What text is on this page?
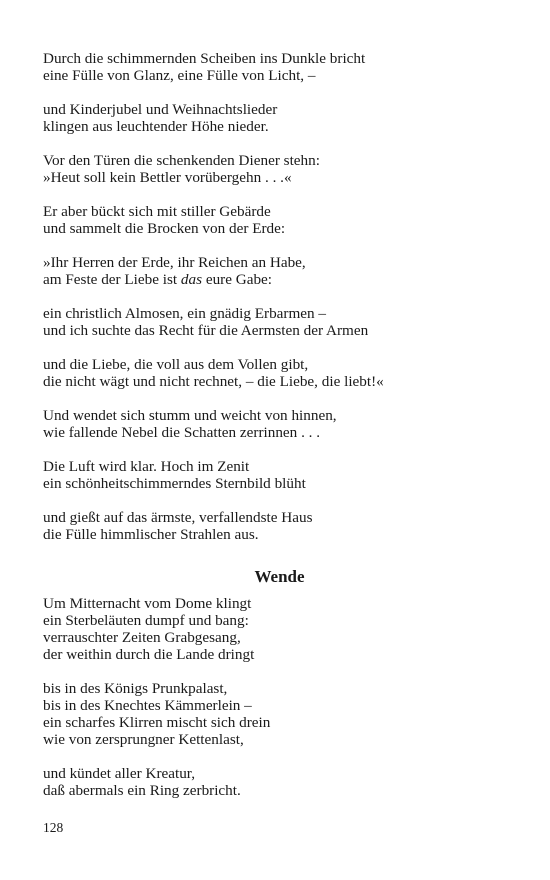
Durch die schimmernden Scheiben ins Dunkle bricht
eine Fülle von Glanz, eine Fülle von Licht, –
und Kinderjubel und Weihnachtslieder
klingen aus leuchtender Höhe nieder.
Vor den Türen die schenkenden Diener stehn:
»Heut soll kein Bettler vorübergehn . . .«
Er aber bückt sich mit stiller Gebärde
und sammelt die Brocken von der Erde:
»Ihr Herren der Erde, ihr Reichen an Habe,
am Feste der Liebe ist das eure Gabe:
ein christlich Almosen, ein gnädig Erbarmen –
und ich suchte das Recht für die Aermsten der Armen
und die Liebe, die voll aus dem Vollen gibt,
die nicht wägt und nicht rechnet, – die Liebe, die liebt!«
Und wendet sich stumm und weicht von hinnen,
wie fallende Nebel die Schatten zerrinnen . . .
Die Luft wird klar. Hoch im Zenit
ein schönheitschimmerndes Sternbild blüht
und gießt auf das ärmste, verfallendste Haus
die Fülle himmlischer Strahlen aus.
Wende
Um Mitternacht vom Dome klingt
ein Sterbeläuten dumpf und bang:
verrauschter Zeiten Grabgesang,
der weithin durch die Lande dringt
bis in des Königs Prunkpalast,
bis in des Knechtes Kämmerlein –
ein scharfes Klirren mischt sich drein
wie von zersprungner Kettenlast,
und kündet aller Kreatur,
daß abermals ein Ring zerbricht.
128
